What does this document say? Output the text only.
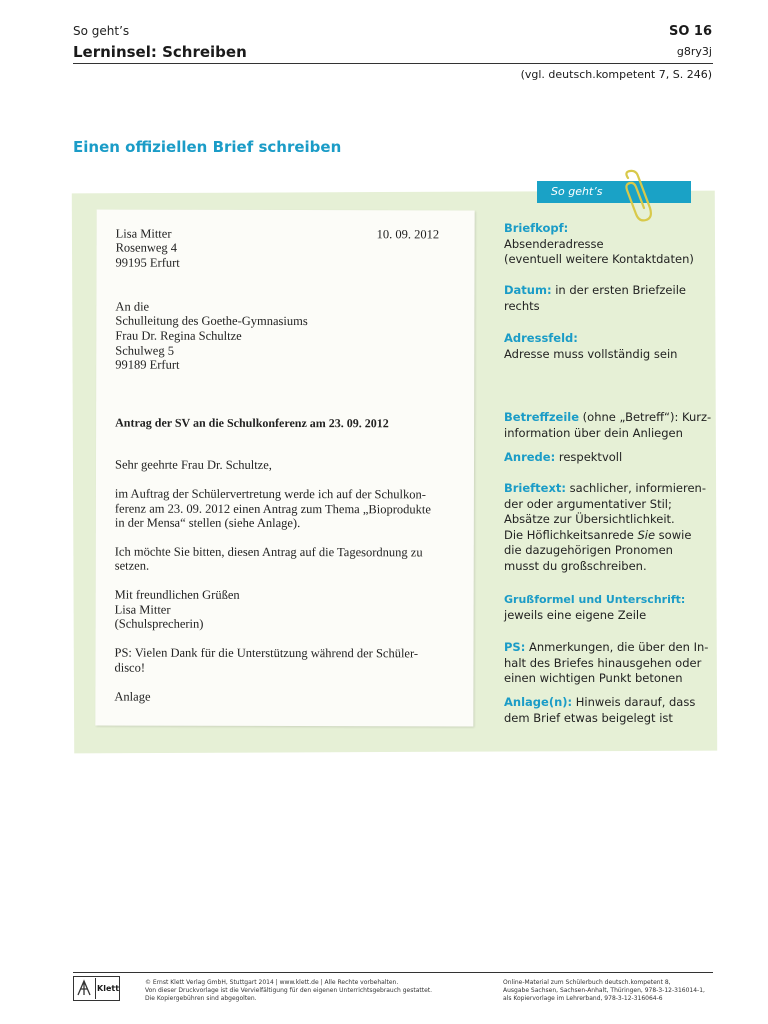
So geht’s
Lerninsel: Schreiben
SO 16
g8ry3j
(vgl. deutsch.kompetent 7, S. 246)
Einen offiziellen Brief schreiben
So geht’s
Lisa Mitter
Rosenweg 4
99195 Erfurt
10. 09. 2012
An die
Schulleitung des Goethe-Gymnasiums
Frau Dr. Regina Schultze
Schulweg 5
99189 Erfurt
Antrag der SV an die Schulkonferenz am 23. 09. 2012
Sehr geehrte Frau Dr. Schultze,
im Auftrag der Schülervertretung werde ich auf der Schulkon-
ferenz am 23. 09. 2012 einen Antrag zum Thema „Bioprodukte
in der Mensa“ stellen (siehe Anlage).
Ich möchte Sie bitten, diesen Antrag auf die Tagesordnung zu
setzen.
Mit freundlichen Grüßen
Lisa Mitter
(Schulsprecherin)
PS: Vielen Dank für die Unterstützung während der Schüler-
disco!
Anlage
Briefkopf:
Absenderadresse
(eventuell weitere Kontaktdaten)
Datum: in der ersten Briefzeile
rechts
Adressfeld:
Adresse muss vollständig sein
Betreffzeile (ohne „Betreff“): Kurz-
information über dein Anliegen
Anrede: respektvoll
Brieftext: sachlicher, informieren-
der oder argumentativer Stil;
Absätze zur Übersichtlichkeit.
Die Höflichkeitsanrede Sie sowie
die dazugehörigen Pronomen
musst du großschreiben.
Grußformel und Unterschrift:
jeweils eine eigene Zeile
PS: Anmerkungen, die über den In-
halt des Briefes hinausgehen oder
einen wichtigen Punkt betonen
Anlage(n): Hinweis darauf, dass
dem Brief etwas beigelegt ist
Klett
© Ernst Klett Verlag GmbH, Stuttgart 2014 | www.klett.de | Alle Rechte vorbehalten.
Von dieser Druckvorlage ist die Vervielfältigung für den eigenen Unterrichtsgebrauch gestattet.
Die Kopiergebühren sind abgegolten.
Online-Material zum Schülerbuch deutsch.kompetent 8,
Ausgabe Sachsen, Sachsen-Anhalt, Thüringen, 978-3-12-316014-1,
als Kopiervorlage im Lehrerband, 978-3-12-316064-6
